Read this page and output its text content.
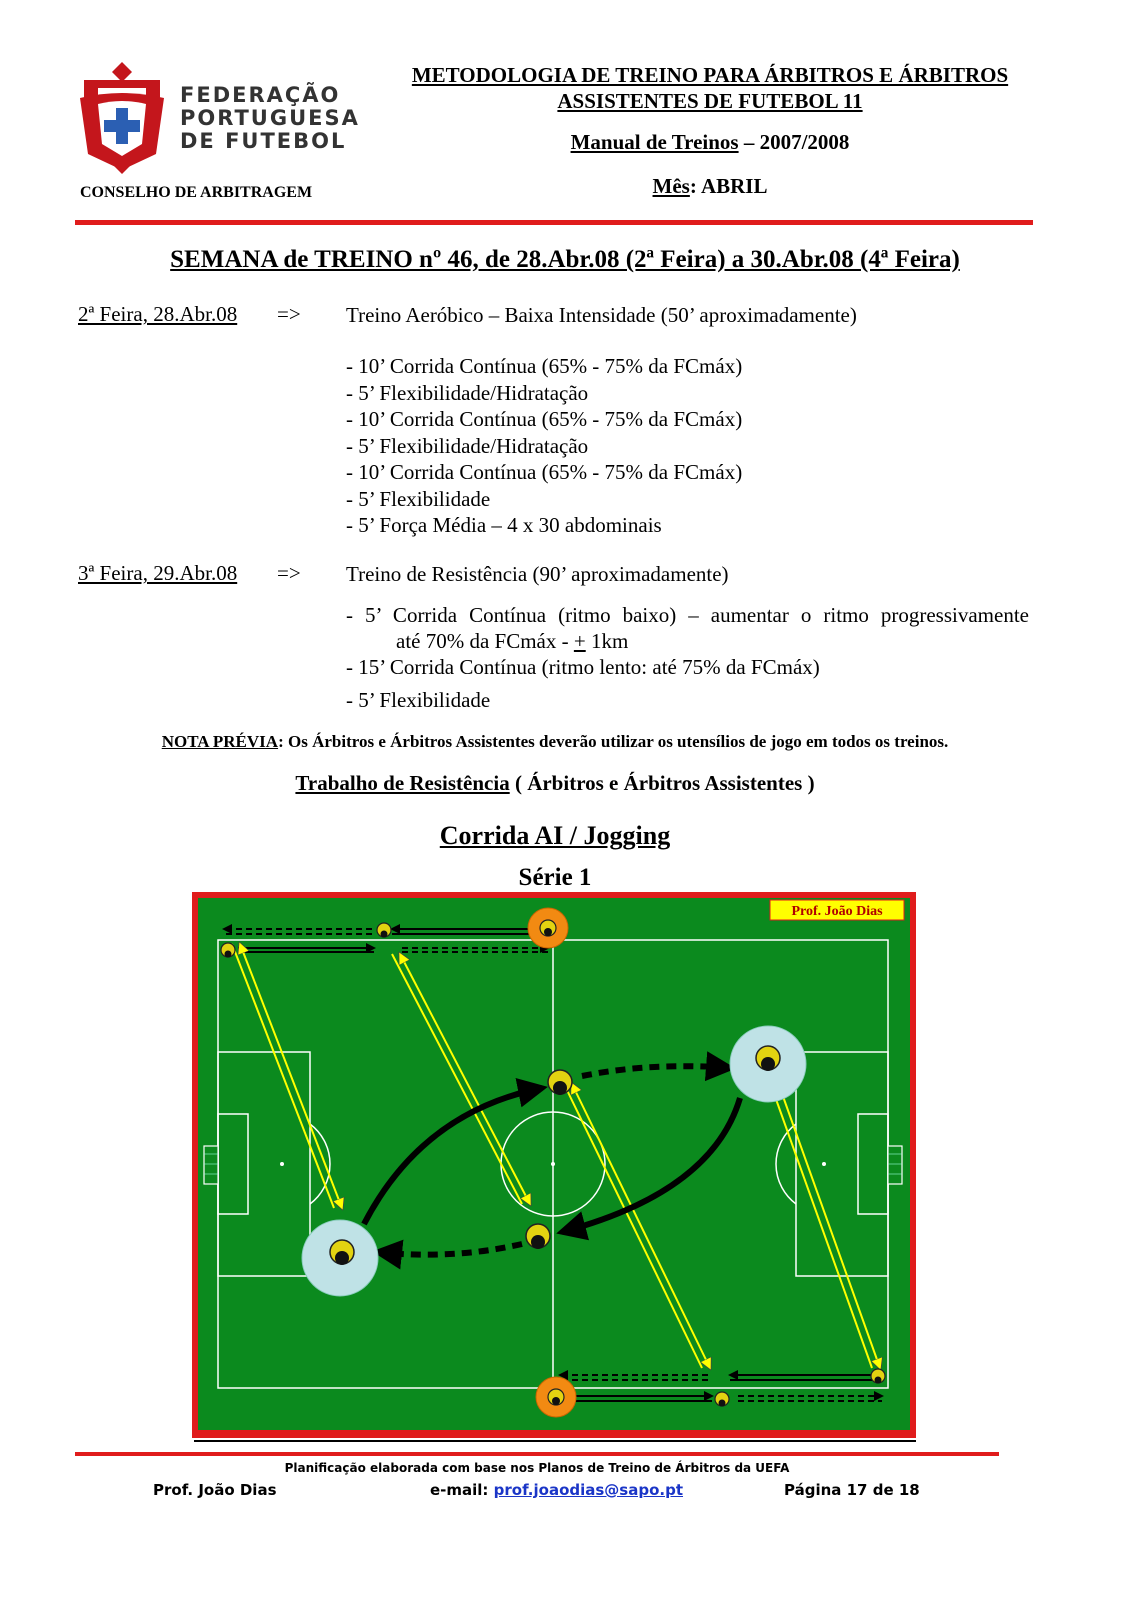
FEDERAÇÃO
PORTUGUESA
DE FUTEBOL
CONSELHO DE ARBITRAGEM
METODOLOGIA DE TREINO PARA ÁRBITROS E ÁRBITROS
ASSISTENTES DE FUTEBOL 11
Manual de Treinos – 2007/2008
Mês: ABRIL
SEMANA de TREINO nº 46, de 28.Abr.08 (2ª Feira) a 30.Abr.08 (4ª Feira)
2ª Feira, 28.Abr.08 => Treino Aeróbico – Baixa Intensidade (50’ aproximadamente)
- 10’ Corrida Contínua (65% - 75% da FCmáx)
- 5’ Flexibilidade/Hidratação
- 10’ Corrida Contínua (65% - 75% da FCmáx)
- 5’ Flexibilidade/Hidratação
- 10’ Corrida Contínua (65% - 75% da FCmáx)
- 5’ Flexibilidade
- 5’ Força Média – 4 x 30 abdominais
3ª Feira, 29.Abr.08 => Treino de Resistência (90’ aproximadamente)
- 5’ Corrida Contínua (ritmo baixo) – aumentar o ritmo progressivamente
até 70% da FCmáx - + 1km
- 15’ Corrida Contínua (ritmo lento: até 75% da FCmáx)
- 5’ Flexibilidade
NOTA PRÉVIA: Os Árbitros e Árbitros Assistentes deverão utilizar os utensílios de jogo em todos os treinos.
Trabalho de Resistência ( Árbitros e Árbitros Assistentes )
Corrida AI / Jogging
Série 1
Prof. João Dias
Planificação elaborada com base nos Planos de Treino de Árbitros da UEFA
Prof. João Dias	e-mail: prof.joaodias@sapo.pt	Página 17 de 18
